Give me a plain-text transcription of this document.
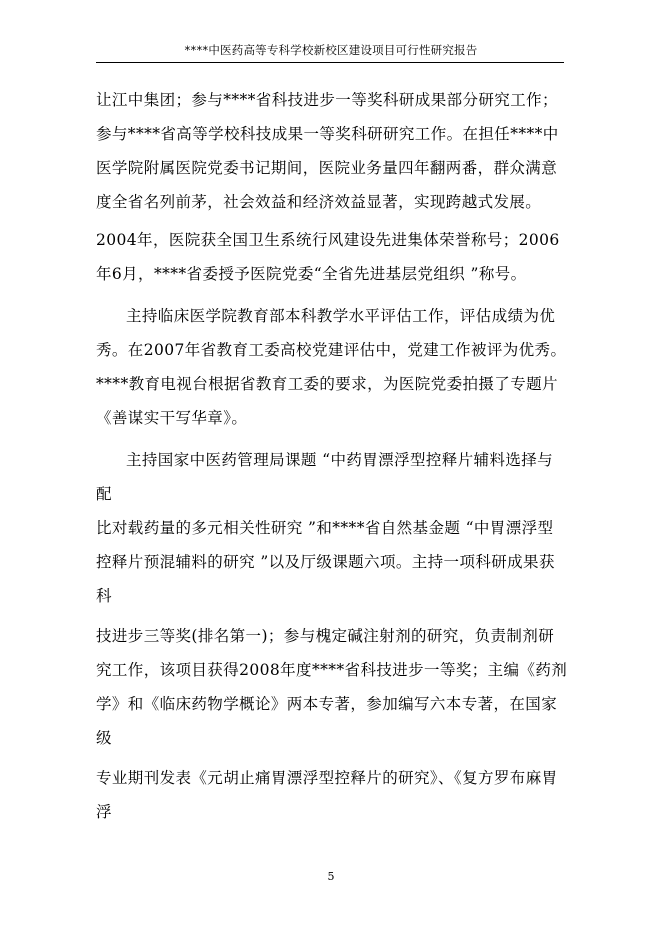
****中医药高等专科学校新校区建设项目可行性研究报告
让江中集团；参与****省科技进步一等奖科研成果部分研究工作；
参与****省高等学校科技成果一等奖科研研究工作。在担任****中
医学院附属医院党委书记期间，医院业务量四年翻两番，群众满意
度全省名列前茅，社会效益和经济效益显著，实现跨越式发展。
2004年，医院获全国卫生系统行风建设先进集体荣誉称号；2006
年6月，****省委授予医院党委“全省先进基层党组织 ”称号。
主持临床医学院教育部本科教学水平评估工作，评估成绩为优
秀。在2007年省教育工委高校党建评估中，党建工作被评为优秀。
****教育电视台根据省教育工委的要求，为医院党委拍摄了专题片
《善谋实干写华章》。
主持国家中医药管理局课题 “中药胃漂浮型控释片辅料选择与
配
比对载药量的多元相关性研究 ”和****省自然基金题 “中胃漂浮型
控释片预混辅料的研究 ”以及厅级课题六项。主持一项科研成果获
科
技进步三等奖(排名第一)；参与槐定碱注射剂的研究，负责制剂研
究工作，该项目获得2008年度****省科技进步一等奖；主编《药剂
学》和《临床药物学概论》两本专著，参加编写六本专著，在国家
级
专业期刊发表《元胡止痛胃漂浮型控释片的研究》、《复方罗布麻胃
浮
5
